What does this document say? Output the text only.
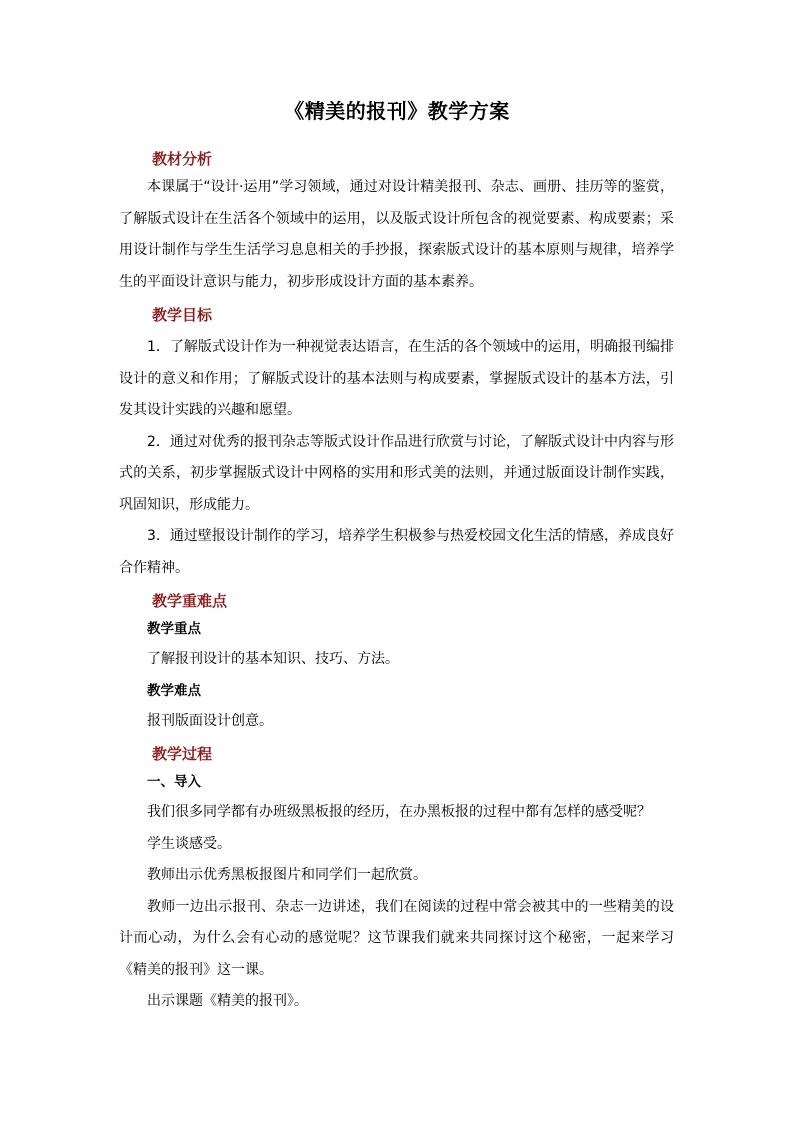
《精美的报刊》教学方案
教材分析

本课属于“设计·运用”学习领域，通过对设计精美报刊、杂志、画册、挂历等的鉴赏，了解版式设计在生活各个领域中的运用，以及版式设计所包含的视觉要素、构成要素；采用设计制作与学生生活学习息息相关的手抄报，探索版式设计的基本原则与规律，培养学生的平面设计意识与能力，初步形成设计方面的基本素养。

教学目标

1．了解版式设计作为一种视觉表达语言，在生活的各个领域中的运用，明确报刊编排设计的意义和作用；了解版式设计的基本法则与构成要素，掌握版式设计的基本方法，引发其设计实践的兴趣和愿望。

2．通过对优秀的报刊杂志等版式设计作品进行欣赏与讨论，了解版式设计中内容与形式的关系，初步掌握版式设计中网格的实用和形式美的法则，并通过版面设计制作实践，巩固知识，形成能力。

3．通过壁报设计制作的学习，培养学生积极参与热爱校园文化生活的情感，养成良好合作精神。

教学重难点
教学重点

了解报刊设计的基本知识、技巧、方法。

教学难点

报刊版面设计创意。

教学过程
一、导入

我们很多同学都有办班级黑板报的经历，在办黑板报的过程中都有怎样的感受呢？

学生谈感受。

教师出示优秀黑板报图片和同学们一起欣赏。

教师一边出示报刊、杂志一边讲述，我们在阅读的过程中常会被其中的一些精美的设计而心动，为什么会有心动的感觉呢？这节课我们就来共同探讨这个秘密，一起来学习《精美的报刊》这一课。

出示课题《精美的报刊》。
